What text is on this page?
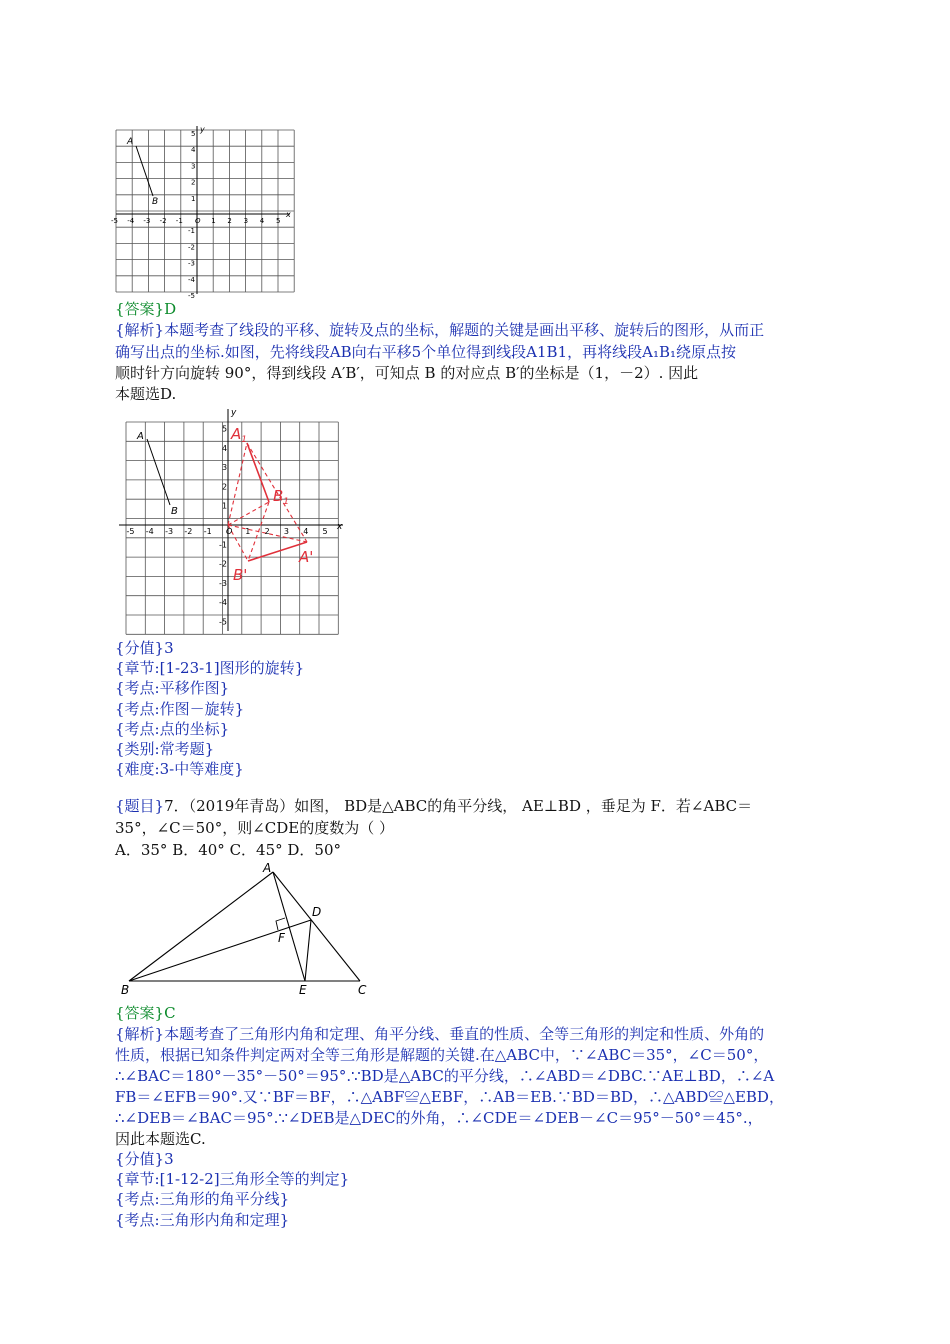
x
y
A
B
-5 -4 -3 -2 -1 O 1 2 3 4 5
5
4
3
2
1
-1
-2
-3
-4
-5
{答案}D
{解析}本题考查了线段的平移、旋转及点的坐标，解题的关键是画出平移、旋转后的图形，从而正
确写出点的坐标.如图，先将线段AB向右平移5个单位得到线段A1B1，再将线段A₁B₁绕原点按
顺时针方向旋转 90°，得到线段 A′B′，可知点 B 的对应点 B′的坐标是（1，－2）. 因此
本题选D.
x
y
A
B
$A_1$
$B_1$
A'
B'
-5 -4 -3 -2 -1 O 1 2 3 4 5
5
4
3
2
1
-1
-2
-3
-4
-5
{分值}3
{章节:[1-23-1]图形的旋转}
{考点:平移作图}
{考点:作图－旋转}
{考点:点的坐标}
{类别:常考题}
{难度:3-中等难度}
{题目}7．（2019年青岛）如图， BD是△ABC的角平分线， AE⊥BD ，垂足为 F．若∠ABC＝
35°，∠C＝50°，则∠CDE的度数为（ ）
A．35° B．40° C．45° D．50°
A
B	C
D
E
F
{答案}C
{解析}本题考查了三角形内角和定理、角平分线、垂直的性质、全等三角形的判定和性质、外角的
性质，根据已知条件判定两对全等三角形是解题的关键.在△ABC中，∵∠ABC＝35°，∠C＝50°，
∴∠BAC＝180°－35°－50°＝95°.∵BD是△ABC的平分线，∴∠ABD＝∠DBC.∵AE⊥BD，∴∠A
FB＝∠EFB＝90°.又∵BF＝BF，∴△ABF≌△EBF，∴AB＝EB.∵BD＝BD，∴△ABD≌△EBD，
∴∠DEB＝∠BAC＝95°.∵∠DEB是△DEC的外角，∴∠CDE＝∠DEB－∠C＝95°－50°＝45°.，
因此本题选C.
{分值}3
{章节:[1-12-2]三角形全等的判定}
{考点:三角形的角平分线}
{考点:三角形内角和定理}
